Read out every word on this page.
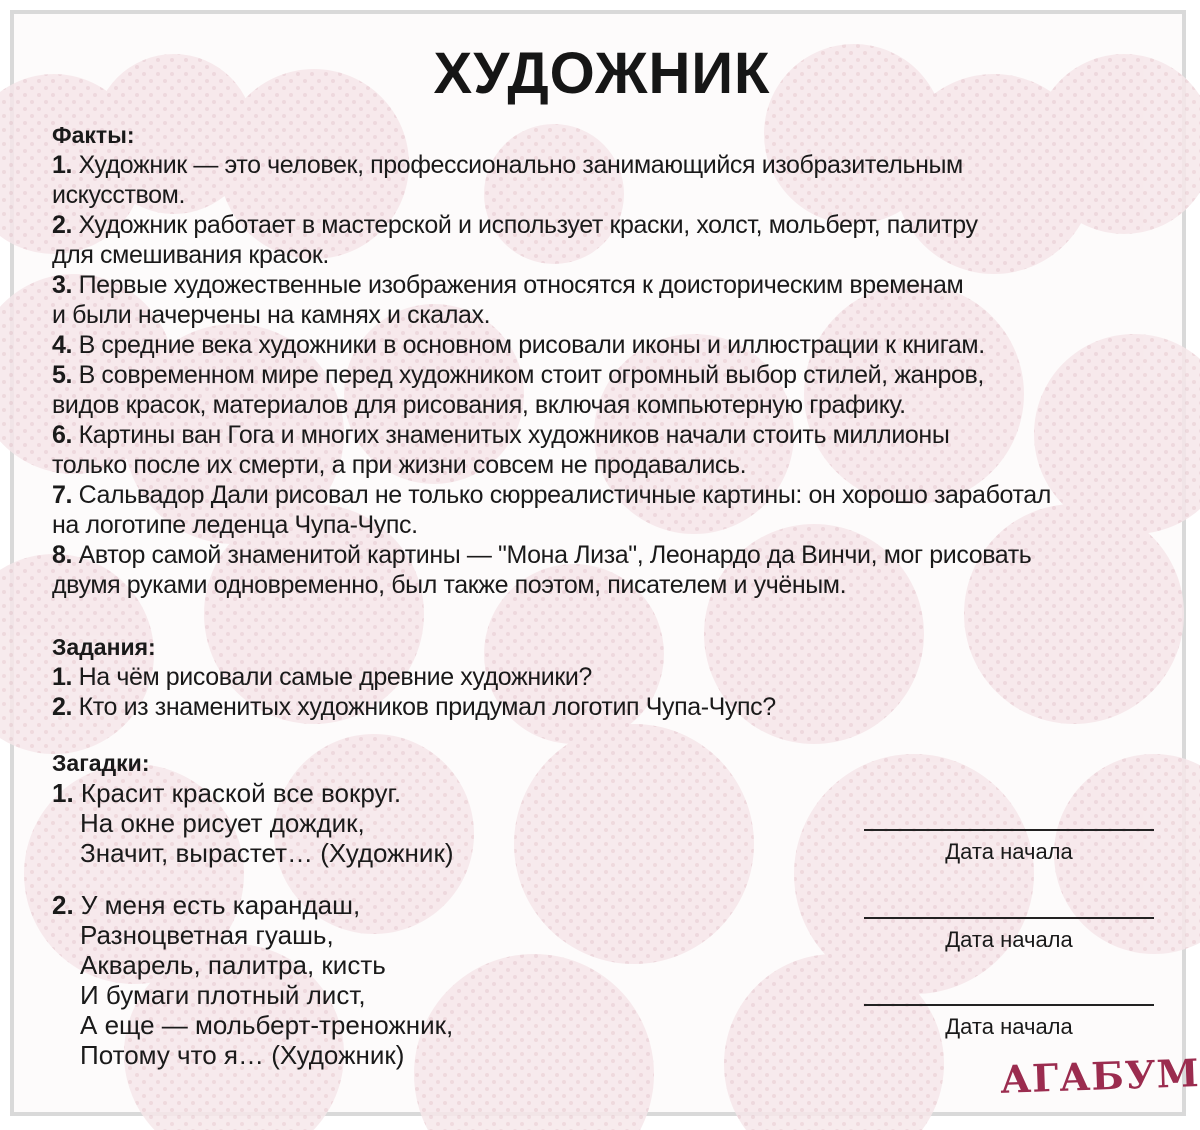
ХУДОЖНИК
Факты:
1. Художник — это человек, профессионально занимающийся изобразительным
искусством.
2. Художник работает в мастерской и использует краски, холст, мольберт, палитру
для смешивания красок.
3. Первые художественные изображения относятся к доисторическим временам
и были начерчены на камнях и скалах.
4. В средние века художники в основном рисовали иконы и иллюстрации к книгам.
5. В современном мире перед художником стоит огромный выбор стилей, жанров,
видов красок, материалов для рисования, включая компьютерную графику.
6. Картины ван Гога и многих знаменитых художников начали стоить миллионы
только после их смерти, а при жизни совсем не продавались.
7. Сальвадор Дали рисовал не только сюрреалистичные картины: он хорошо заработал
на логотипе леденца Чупа-Чупс.
8. Автор самой знаменитой картины — "Мона Лиза", Леонардо да Винчи, мог рисовать
двумя руками одновременно, был также поэтом, писателем и учёным.
Задания:
1. На чём рисовали самые древние художники?
2. Кто из знаменитых художников придумал логотип Чупа-Чупс?
Загадки:
1. Красит краской все вокруг.
На окне рисует дождик,
Значит, вырастет… (Художник)
2. У меня есть карандаш,
Разноцветная гуашь,
Акварель, палитра, кисть
И бумаги плотный лист,
А еще — мольберт-треножник,
Потому что я… (Художник)
Дата начала
Дата начала
Дата начала
АГАБУМ
